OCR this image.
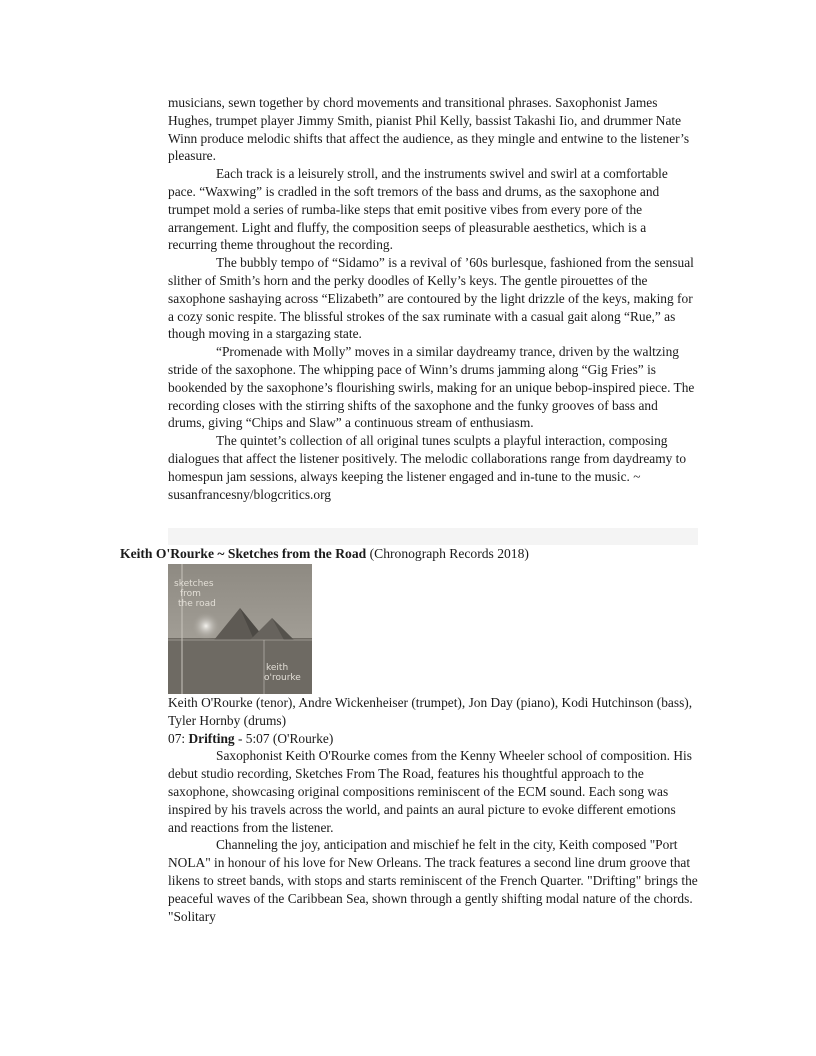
musicians, sewn together by chord movements and transitional phrases. Saxophonist James Hughes, trumpet player Jimmy Smith, pianist Phil Kelly, bassist Takashi Iio, and drummer Nate Winn produce melodic shifts that affect the audience, as they mingle and entwine to the listener’s pleasure.

Each track is a leisurely stroll, and the instruments swivel and swirl at a comfortable pace. “Waxwing” is cradled in the soft tremors of the bass and drums, as the saxophone and trumpet mold a series of rumba-like steps that emit positive vibes from every pore of the arrangement. Light and fluffy, the composition seeps of pleasurable aesthetics, which is a recurring theme throughout the recording.

The bubbly tempo of “Sidamo” is a revival of ’60s burlesque, fashioned from the sensual slither of Smith’s horn and the perky doodles of Kelly’s keys. The gentle pirouettes of the saxophone sashaying across “Elizabeth” are contoured by the light drizzle of the keys, making for a cozy sonic respite. The blissful strokes of the sax ruminate with a casual gait along “Rue,” as though moving in a stargazing state.

“Promenade with Molly” moves in a similar daydreamy trance, driven by the waltzing stride of the saxophone. The whipping pace of Winn’s drums jamming along “Gig Fries” is bookended by the saxophone’s flourishing swirls, making for an unique bebop-inspired piece. The recording closes with the stirring shifts of the saxophone and the funky grooves of bass and drums, giving “Chips and Slaw” a continuous stream of enthusiasm.

The quintet’s collection of all original tunes sculpts a playful interaction, composing dialogues that affect the listener positively. The melodic collaborations range from daydreamy to homespun jam sessions, always keeping the listener engaged and in-tune to the music. ~ susanfrancesny/blogcritics.org

Keith O'Rourke ~ Sketches from the Road (Chronograph Records 2018)
sketches
from
the road
keith
o'rourke

Keith O'Rourke (tenor), Andre Wickenheiser (trumpet), Jon Day (piano), Kodi Hutchinson (bass), Tyler Hornby (drums)

07: Drifting - 5:07 (O'Rourke)

Saxophonist Keith O'Rourke comes from the Kenny Wheeler school of composition. His debut studio recording, Sketches From The Road, features his thoughtful approach to the saxophone, showcasing original compositions reminiscent of the ECM sound. Each song was inspired by his travels across the world, and paints an aural picture to evoke different emotions and reactions from the listener.

Channeling the joy, anticipation and mischief he felt in the city, Keith composed "Port NOLA" in honour of his love for New Orleans. The track features a second line drum groove that likens to street bands, with stops and starts reminiscent of the French Quarter. "Drifting" brings the peaceful waves of the Caribbean Sea, shown through a gently shifting modal nature of the chords. "Solitary
